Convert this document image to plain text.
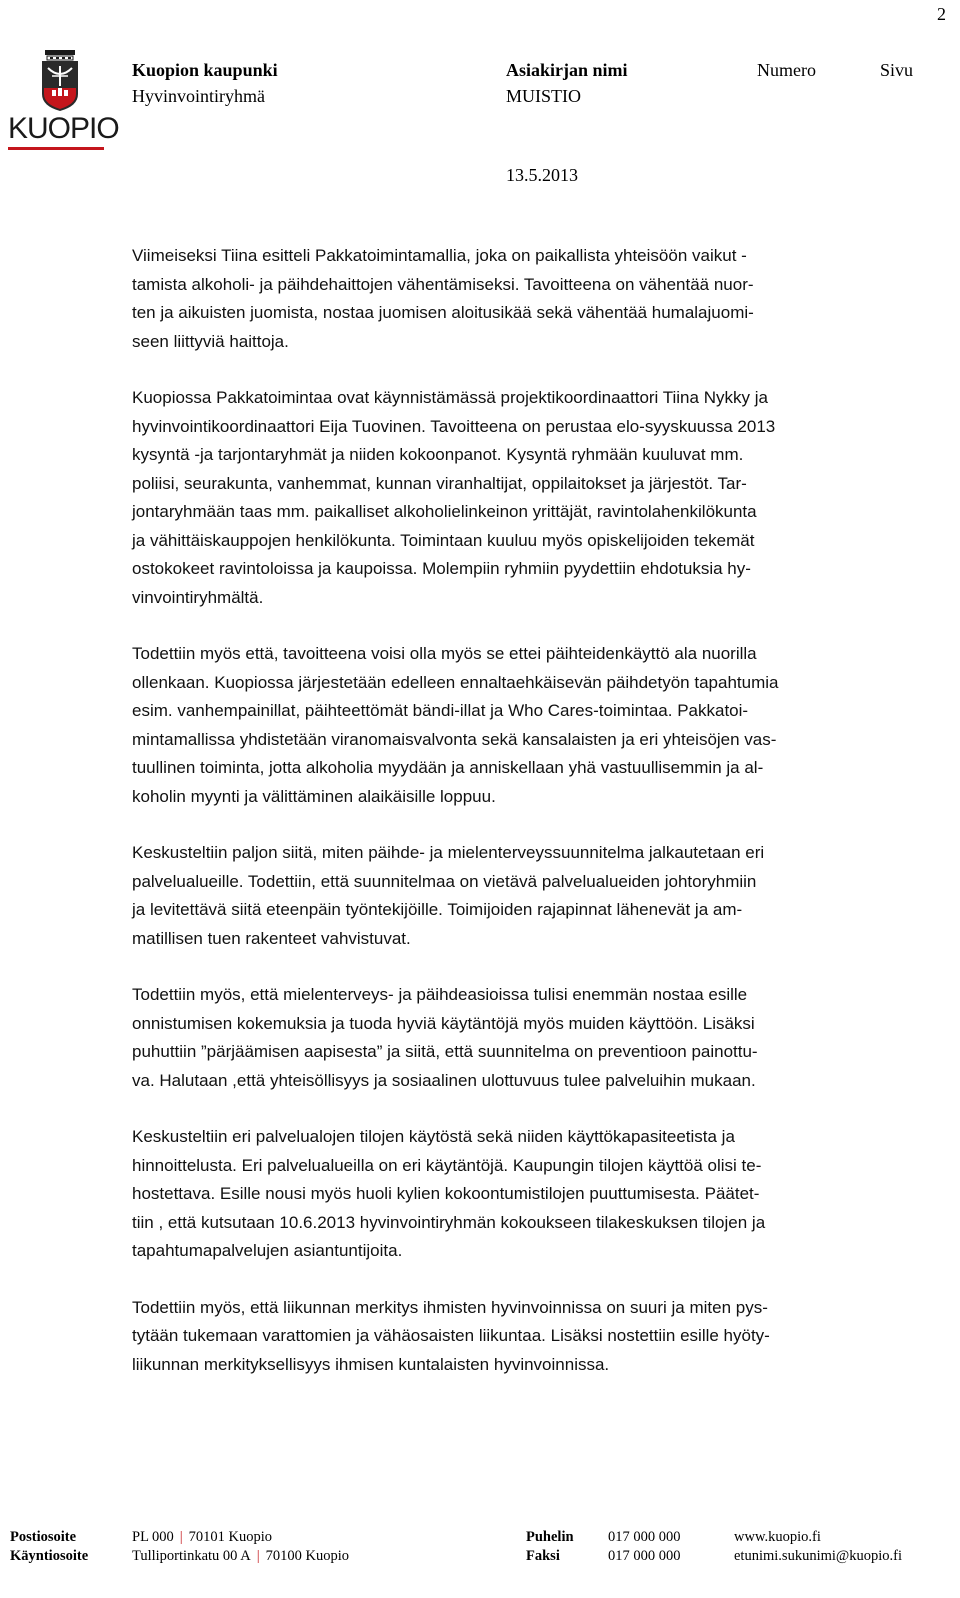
2
KUOPIO
Kuopion kaupunki
Hyvinvointiryhmä
Asiakirjan nimi
MUISTIO
Numero	Sivu
13.5.2013

Viimeiseksi Tiina esitteli Pakkatoimintamallia, joka on paikallista yhteisöön vaikut -
tamista alkoholi- ja päihdehaittojen vähentämiseksi. Tavoitteena on vähentää nuor-
ten ja aikuisten juomista, nostaa juomisen aloitusikää sekä vähentää humalajuomi-
seen liittyviä haittoja.

Kuopiossa Pakkatoimintaa ovat käynnistämässä projektikoordinaattori Tiina Nykky ja
hyvinvointikoordinaattori Eija Tuovinen. Tavoitteena on perustaa elo-syyskuussa 2013
kysyntä -ja tarjontaryhmät ja niiden kokoonpanot. Kysyntä ryhmään kuuluvat mm.
poliisi, seurakunta, vanhemmat, kunnan viranhaltijat, oppilaitokset ja järjestöt. Tar-
jontaryhmään taas mm. paikalliset alkoholielinkeinon yrittäjät, ravintolahenkilökunta
ja vähittäiskauppojen henkilökunta. Toimintaan kuuluu myös opiskelijoiden tekemät
ostokokeet ravintoloissa ja kaupoissa. Molempiin ryhmiin pyydettiin ehdotuksia hy-
vinvointiryhmältä.

Todettiin myös että, tavoitteena voisi olla myös se ettei päihteidenkäyttö ala nuorilla
ollenkaan. Kuopiossa järjestetään edelleen ennaltaehkäisevän päihdetyön tapahtumia
esim. vanhempainillat, päihteettömät bändi-illat ja Who Cares-toimintaa. Pakkatoi-
mintamallissa yhdistetään viranomaisvalvonta sekä kansalaisten ja eri yhteisöjen vas-
tuullinen toiminta, jotta alkoholia myydään ja anniskellaan yhä vastuullisemmin ja al-
koholin myynti ja välittäminen alaikäisille loppuu.

Keskusteltiin paljon siitä, miten päihde- ja mielenterveyssuunnitelma jalkautetaan eri
palvelualueille. Todettiin, että suunnitelmaa on vietävä palvelualueiden johtoryhmiin
ja levitettävä siitä eteenpäin työntekijöille. Toimijoiden rajapinnat lähenevät ja am-
matillisen tuen rakenteet vahvistuvat.

Todettiin myös, että mielenterveys- ja päihdeasioissa tulisi enemmän nostaa esille
onnistumisen kokemuksia ja tuoda hyviä käytäntöjä myös muiden käyttöön. Lisäksi
puhuttiin ”pärjäämisen aapisesta” ja siitä, että suunnitelma on preventioon painottu-
va. Halutaan ,että yhteisöllisyys ja sosiaalinen ulottuvuus tulee palveluihin mukaan.

Keskusteltiin eri palvelualojen tilojen käytöstä sekä niiden käyttökapasiteetista ja
hinnoittelusta. Eri palvelualueilla on eri käytäntöjä. Kaupungin tilojen käyttöä olisi te-
hostettava. Esille nousi myös huoli kylien kokoontumistilojen puuttumisesta. Päätet-
tiin , että kutsutaan 10.6.2013 hyvinvointiryhmän kokoukseen tilakeskuksen tilojen ja
tapahtumapalvelujen asiantuntijoita.

Todettiin myös, että liikunnan merkitys ihmisten hyvinvoinnissa on suuri ja miten pys-
tytään tukemaan varattomien ja vähäosaisten liikuntaa. Lisäksi nostettiin esille hyöty-
liikunnan merkityksellisyys ihmisen kuntalaisten hyvinvoinnissa.

Postiosoite	PL 000 | 70101 Kuopio	Puhelin 017 000 000	www.kuopio.fi
Käyntiosoite	Tulliportinkatu 00 A | 70100 Kuopio	Faksi	017 000 000	etunimi.sukunimi@kuopio.fi
